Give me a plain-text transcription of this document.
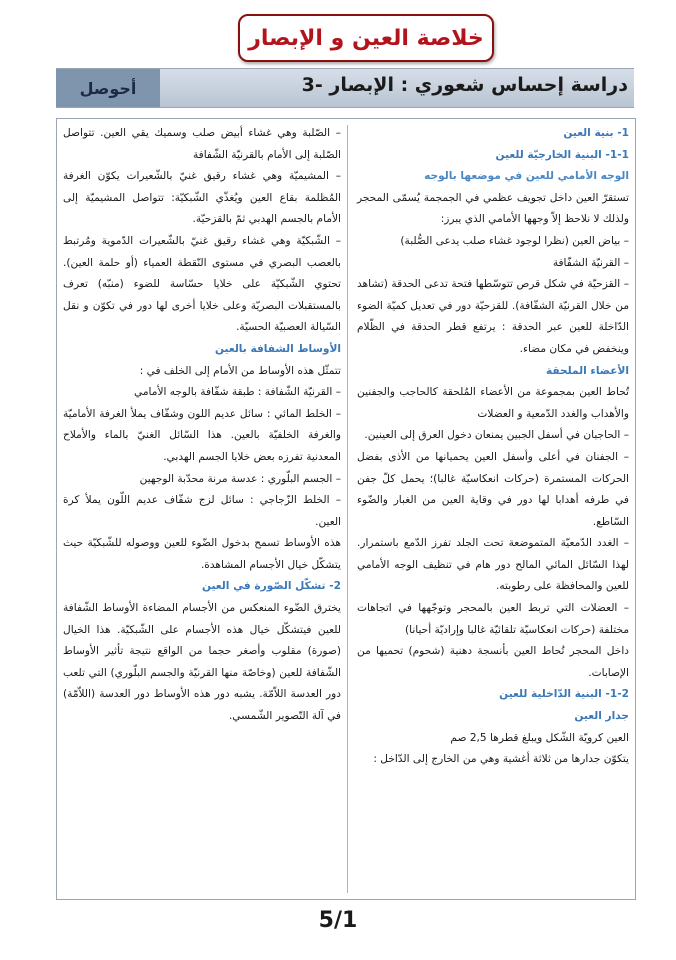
خلاصة العين و الإبصار
أحوصل	3- دراسة إحساس شعوري : الإبصار

1- بنية العين

1-1- البنية الخارجيّة للعين

الوجه الأمامي للعين في موضعها بالوجه

تستقرّ العين داخل تجويف عظمي في الجمجمة يُسمّى المحجر ولذلك لا نلاحظ إلاّ وجهها الأمامي الذي يبرز:

– بياض العين (نظرا لوجود غشاء صلب يدعى الصُّلبة)

– القرنيّة الشفّافة

– القزحيّة في شكل قرص تتوسّطها فتحة تدعى الحدقة (تشاهد من خلال القرنيّة الشفّافة). للقزحيّة دور في تعديل كميّة الضوء الدّاخلة للعين عبر الحدقة : يرتفع قطر الحدقة في الظّلام وينخفض في مكان مضاء.

الأعضاء الملحقة

تُحاط العين بمجموعة من الأعضاء المُلحقة كالحاجب والجفنين والأهداب والغدد الدّمعية و العضلات

– الحاجبان في أسفل الجبين يمنعان دخول العرق إلى العينين.

– الجفنان في أعلى وأسفل العين يحميانها من الأذى بفضل الحركات المستمرة (حركات انعكاسيّة غالبا)؛ يحمل كلّ جفن في طرفه أهدابا لها دور في وقاية العين من الغبار والضّوء السّاطع.

– الغدد الدّمعيّة المتموضعة تحت الجلد تفرز الدّمع باستمرار. لهذا السّائل المائي المالح دور هام في تنظيف الوجه الأمامي للعين والمحافظة على رطوبته.

– العضلات التي تربط العين بالمحجر وتوجّهها في اتجاهات مختلفة (حركات انعكاسيّة تلقائيّة غالبا وإراديّة أحيانا)

داخل المحجر تُحاط العين بأنسجة دهنية (شحوم) تحميها من الإصابات.

1-2- البنية الدّاخلية للعين

جدار العين

العين كرويّة الشّكل ويبلغ قطرها 2,5 صم

يتكوّن جدارها من ثلاثة أغشية وهي من الخارج إلى الدّاخل :

– الصّلبة وهي غشاء أبيض صلب وسميك يقي العين. تتواصل الصّلبة إلى الأمام بالقرنيّة الشّفافة

– المشيميّة وهي غشاء رقيق غنيّ بالشّعيرات يكوّن الغرفة المُظلمة بقاع العين ويُغذّي الشّبكيّة: تتواصل المشيميّة إلى الأمام بالجسم الهدبي ثمّ بالقزحيّة.

– الشّبكيّة وهي غشاء رقيق غنيّ بالشّعيرات الدّموية ومُرتبط بالعصب البصري في مستوى النّقطة العمياء (أو حلمة العين). تحتوي الشّبكيّة على خلايا حسّاسة للضوء (منبّه) تعرف بالمستقبلات البصريّة وعلى خلايا أخرى لها دور في تكوّن و نقل السّيالة العصبيّة الحسيّة.

الأوساط الشفافة بالعين

تتمثّل هذه الأوساط من الأمام إلى الخلف في :

– القرنيّة الشّفافة : طبقة شفّافة بالوجه الأمامي

– الخلط المائي : سائل عديم اللون وشفّاف يملأ الغرفة الأماميّة والغرفة الخلفيّة بالعين. هذا السّائل الغنيّ بالماء والأملاح المعدنية تفرزه بعض خلايا الجسم الهدبي.

– الجسم البلّوري : عدسة مرنة محدّبة الوجهين

– الخلط الزّجاجي : سائل لزج شفّاف عديم اللّون يملأ كرة العين.

هذه الأوساط تسمح بدخول الضّوء للعين ووصوله للشّبكيّة حيث يتشكّل خيال الأجسام المشاهدة.

2- تشكّل الصّورة في العين

يخترق الضّوء المنعكس من الأجسام المضاءة الأوساط الشّفافة للعين فيتشكّل خيال هذه الأجسام على الشّبكيّة. هذا الخيال (صورة) مقلوب وأصغر حجما من الواقع نتيجة تأثير الأوساط الشّفافة للعين (وخاصّة منها القرنيّة والجسم البلّوري) التي تلعب دور العدسة اللاّمّة. يشبه دور هذه الأوساط دور العدسة (اللاّمّة) في آلة التّصوير الشّمسي.

5/1
